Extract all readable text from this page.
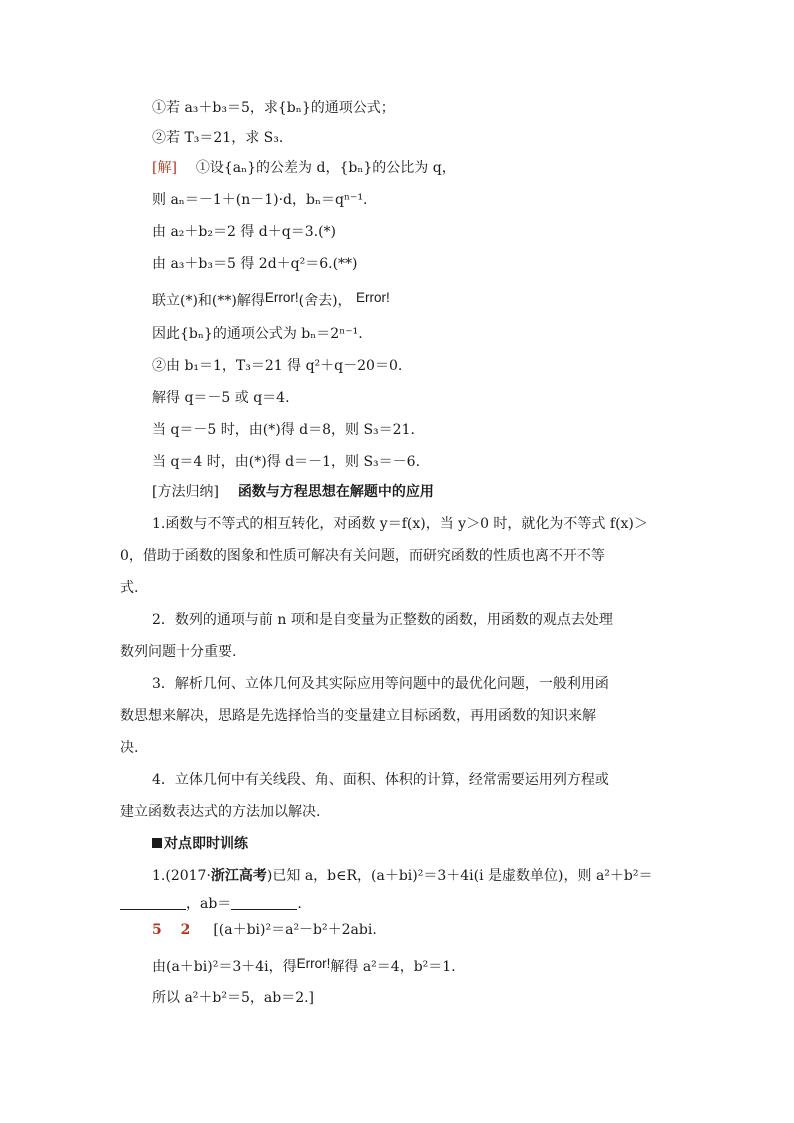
①若 a₃＋b₃＝5，求{bₙ}的通项公式；
②若 T₃＝21，求 S₃.
[解] ①设{aₙ}的公差为 d，{bₙ}的公比为 q，
则 aₙ＝－1＋(n－1)·d，bₙ＝qⁿ⁻¹.
由 a₂＋b₂＝2 得 d＋q＝3.(*)
由 a₃＋b₃＝5 得 2d＋q²＝6.(**)
联立(*)和(**)解得Error!(舍去)， Error!
因此{bₙ}的通项公式为 bₙ＝2ⁿ⁻¹.
②由 b₁＝1，T₃＝21 得 q²＋q－20＝0.
解得 q＝－5 或 q＝4.
当 q＝－5 时，由(*)得 d＝8，则 S₃＝21.
当 q＝4 时，由(*)得 d＝－1，则 S₃＝－6.
[方法归纳] 函数与方程思想在解题中的应用
1.函数与不等式的相互转化，对函数 y＝f(x)，当 y＞0 时，就化为不等式 f(x)＞
0，借助于函数的图象和性质可解决有关问题，而研究函数的性质也离不开不等
式.
2．数列的通项与前 n 项和是自变量为正整数的函数，用函数的观点去处理
数列问题十分重要.
3．解析几何、立体几何及其实际应用等问题中的最优化问题，一般利用函
数思想来解决，思路是先选择恰当的变量建立目标函数，再用函数的知识来解
决.
4．立体几何中有关线段、角、面积、体积的计算，经常需要运用列方程或
建立函数表达式的方法加以解决.
对点即时训练
1.(2017·浙江高考)已知 a，b∈R，(a＋bi)²＝3＋4i(i 是虚数单位)，则 a²＋b²＝
，ab＝	.
5 2 [(a＋bi)²＝a²－b²＋2abi.
由(a＋bi)²＝3＋4i，得Error!解得 a²＝4，b²＝1.
所以 a²＋b²＝5，ab＝2.]
